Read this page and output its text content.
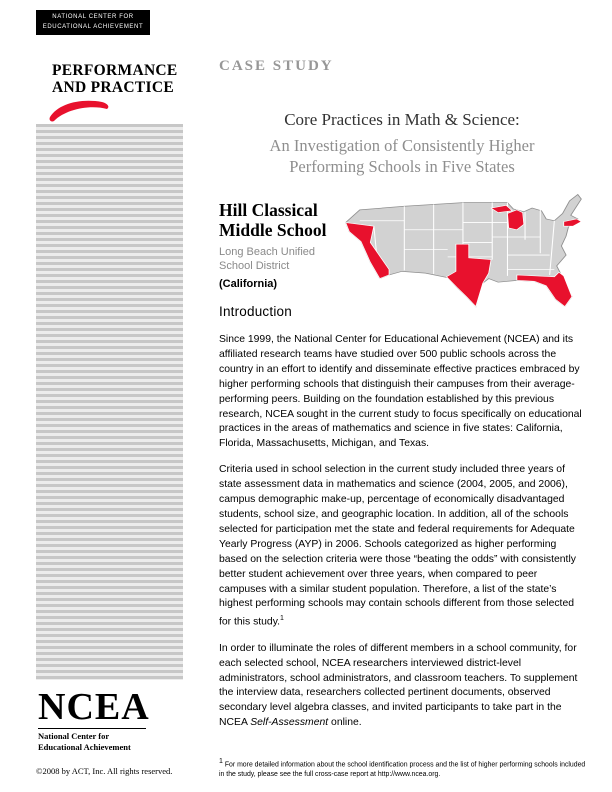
NATIONAL CENTER FOR
EDUCATIONAL ACHIEVEMENT
PERFORMANCE
AND PRACTICE
NCEA
National Center for
Educational Achievement
©2008 by ACT, Inc. All rights reserved.
CASE STUDY
Core Practices in Math & Science:
An Investigation of Consistently Higher
Performing Schools in Five States
Hill Classical
Middle School
Long Beach Unified
School District
(California)
Introduction

Since 1999, the National Center for Educational Achievement (NCEA) and its affiliated research teams have studied over 500 public schools across the country in an effort to identify and disseminate effective practices embraced by higher performing schools that distinguish their campuses from their average-performing peers. Building on the foundation established by this previous research, NCEA sought in the current study to focus specifically on educational practices in the areas of mathematics and science in five states: California, Florida, Massachusetts, Michigan, and Texas.

Criteria used in school selection in the current study included three years of state assessment data in mathematics and science (2004, 2005, and 2006), campus demographic make-up, percentage of economically disadvantaged students, school size, and geographic location. In addition, all of the schools selected for participation met the state and federal requirements for Adequate Yearly Progress (AYP) in 2006. Schools categorized as higher performing based on the selection criteria were those “beating the odds” with consistently better student achievement over three years, when compared to peer campuses with a similar student population. Therefore, a list of the state’s highest performing schools may contain schools different from those selected for this study.$^1$

In order to illuminate the roles of different members in a school community, for each selected school, NCEA researchers interviewed district-level administrators, school administrators, and classroom teachers. To supplement the interview data, researchers collected pertinent documents, observed secondary level algebra classes, and invited participants to take part in the NCEA Self-Assessment online.

$^1$ For more detailed information about the school identification process and the list of higher performing schools included in the study, please see the full cross-case report at http://www.ncea.org.
